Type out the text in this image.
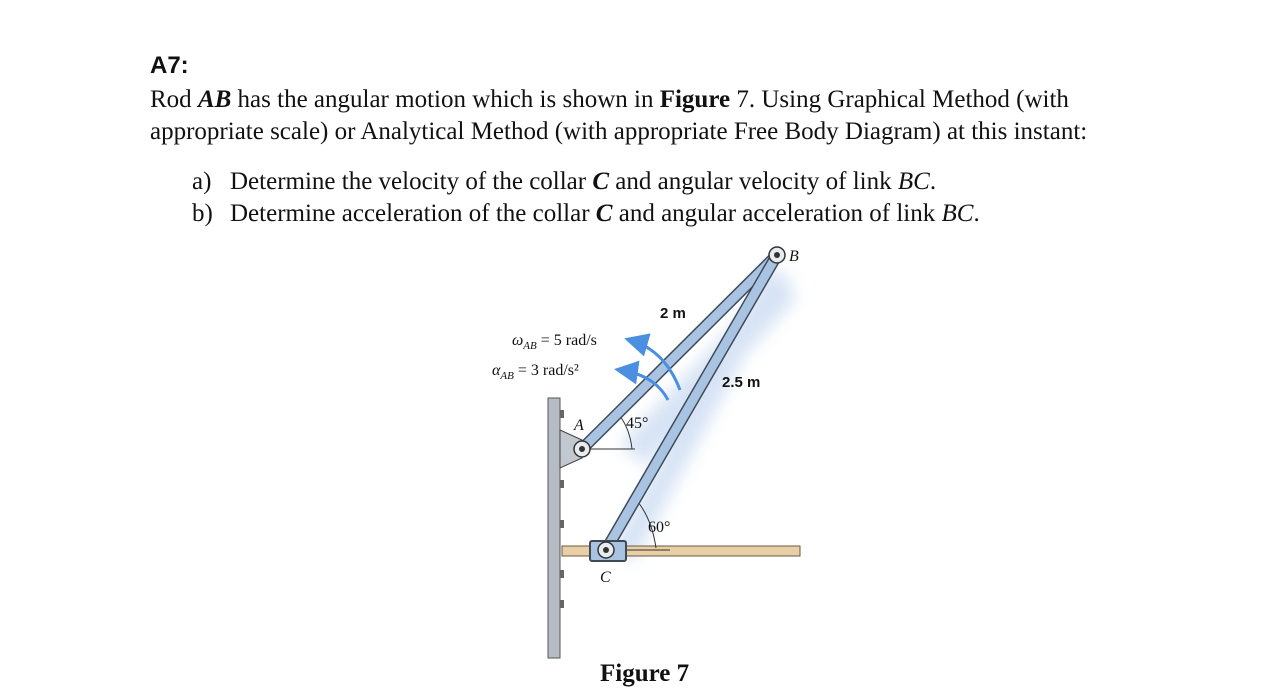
A7:
Rod AB has the angular motion which is shown in Figure 7. Using Graphical Method (with appropriate scale) or Analytical Method (with appropriate Free Body Diagram) at this instant:
a) Determine the velocity of the collar C and angular velocity of link BC.
b) Determine acceleration of the collar C and angular acceleration of link BC.
A
B
C
2 m
2.5 m
45°
60°
$\omega_{AB} = 5$ rad/s
$\alpha_{AB} = 3$ rad/s²
Figure 7
